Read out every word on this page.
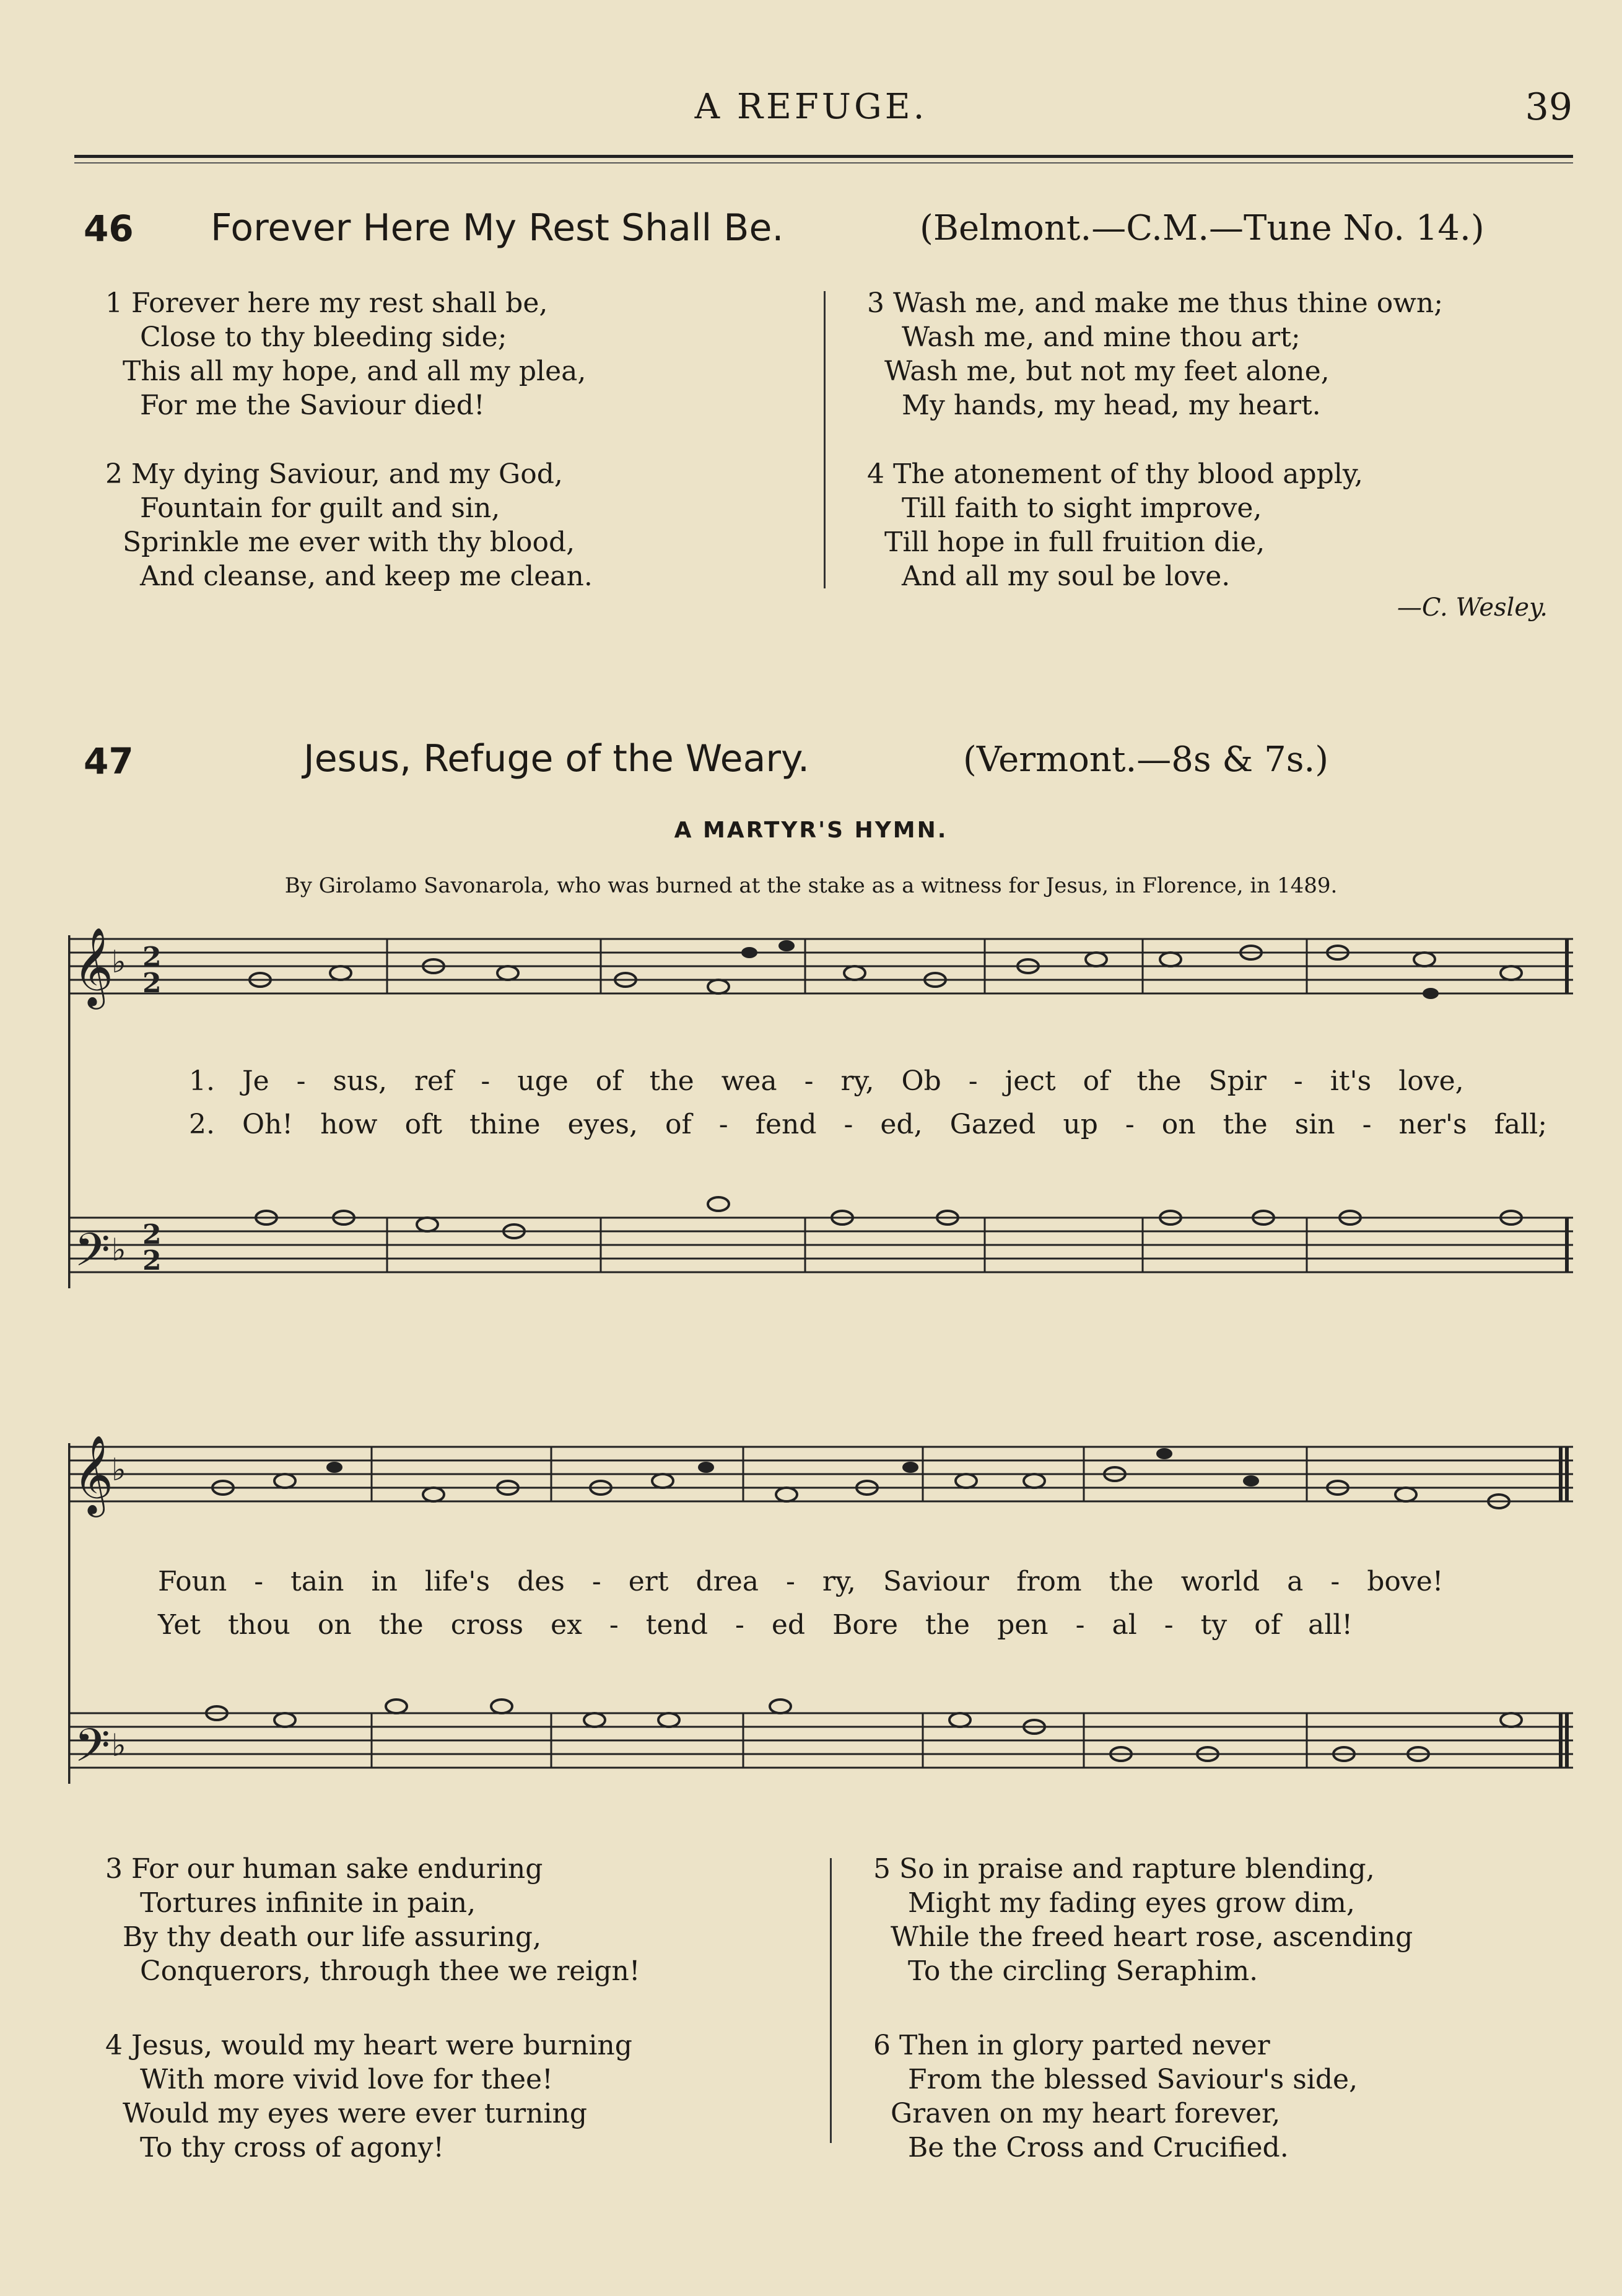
A REFUGE.	39
46 Forever Here My Rest Shall Be.	(Belmont.—C.M.—Tune No. 14.)
1 Forever here my rest shall be,
Close to thy bleeding side;
This all my hope, and all my plea,
For me the Saviour died!
2 My dying Saviour, and my God,
Fountain for guilt and sin,
Sprinkle me ever with thy blood,
And cleanse, and keep me clean.
3 Wash me, and make me thus thine own;
Wash me, and mine thou art;
Wash me, but not my feet alone,
My hands, my head, my heart.
4 The atonement of thy blood apply,
Till faith to sight improve,
Till hope in full fruition die,
And all my soul be love.
—C. Wesley.
47	Jesus, Refuge of the Weary.	(Vermont.—8s & 7s.)
A MARTYR'S HYMN.
By Girolamo Savonarola, who was burned at the stake as a witness for Jesus, in Florence, in 1489.
𝄞
𝄢
♭ 2
2
♭ 2
2
1. Je - sus, ref - uge of the wea - ry, Ob - ject of the Spir - it's love,
2. Oh! how oft thine eyes, of - fend - ed, Gazed up - on the sin - ner's fall;
𝄞
𝄢
♭
♭
Foun - tain in life's des - ert drea - ry, Saviour from the world a - bove!
Yet thou on the cross ex - tend - ed Bore the pen - al - ty of all!
3 For our human sake enduring
Tortures infinite in pain,
By thy death our life assuring,
Conquerors, through thee we reign!
4 Jesus, would my heart were burning
With more vivid love for thee!
Would my eyes were ever turning
To thy cross of agony!
5 So in praise and rapture blending,
Might my fading eyes grow dim,
While the freed heart rose, ascending
To the circling Seraphim.
6 Then in glory parted never
From the blessed Saviour's side,
Graven on my heart forever,
Be the Cross and Crucified.
